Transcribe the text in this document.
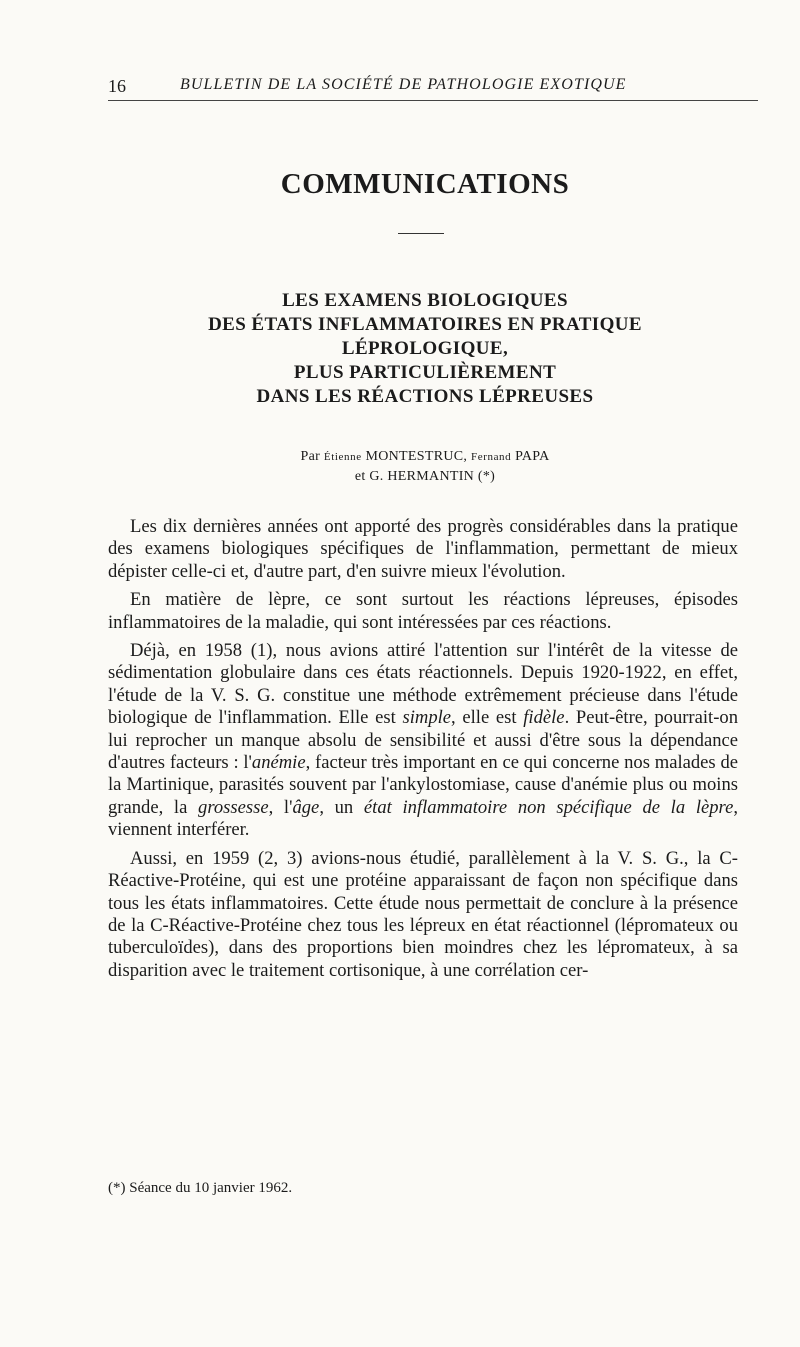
16	BULLETIN DE LA SOCIÉTÉ DE PATHOLOGIE EXOTIQUE
COMMUNICATIONS
LES EXAMENS BIOLOGIQUES
DES ÉTATS INFLAMMATOIRES EN PRATIQUE
LÉPROLOGIQUE,
PLUS PARTICULIÈREMENT
DANS LES RÉACTIONS LÉPREUSES
Par Étienne MONTESTRUC, Fernand PAPA
et G. HERMANTIN (*)

Les dix dernières années ont apporté des progrès considérables dans la pratique des examens biologiques spécifiques de l'inflammation, permettant de mieux dépister celle-ci et, d'autre part, d'en suivre mieux l'évolution.

En matière de lèpre, ce sont surtout les réactions lépreuses, épisodes inflammatoires de la maladie, qui sont intéressées par ces réactions.

Déjà, en 1958 (1), nous avions attiré l'attention sur l'intérêt de la vitesse de sédimentation globulaire dans ces états réactionnels. Depuis 1920-1922, en effet, l'étude de la V. S. G. constitue une méthode extrêmement précieuse dans l'étude biologique de l'inflammation. Elle est simple, elle est fidèle. Peut-être, pourrait-on lui reprocher un manque absolu de sensibilité et aussi d'être sous la dépendance d'autres facteurs : l'anémie, facteur très important en ce qui concerne nos malades de la Martinique, parasités souvent par l'ankylostomiase, cause d'anémie plus ou moins grande, la grossesse, l'âge, un état inflammatoire non spécifique de la lèpre, viennent interférer.

Aussi, en 1959 (2, 3) avions-nous étudié, parallèlement à la V. S. G., la C-Réactive-Protéine, qui est une protéine apparaissant de façon non spécifique dans tous les états inflammatoires. Cette étude nous permettait de conclure à la présence de la C-Réactive-Protéine chez tous les lépreux en état réactionnel (lépromateux ou tuberculoïdes), dans des proportions bien moindres chez les lépromateux, à sa disparition avec le traitement cortisonique, à une corrélation cer-

(*) Séance du 10 janvier 1962.
